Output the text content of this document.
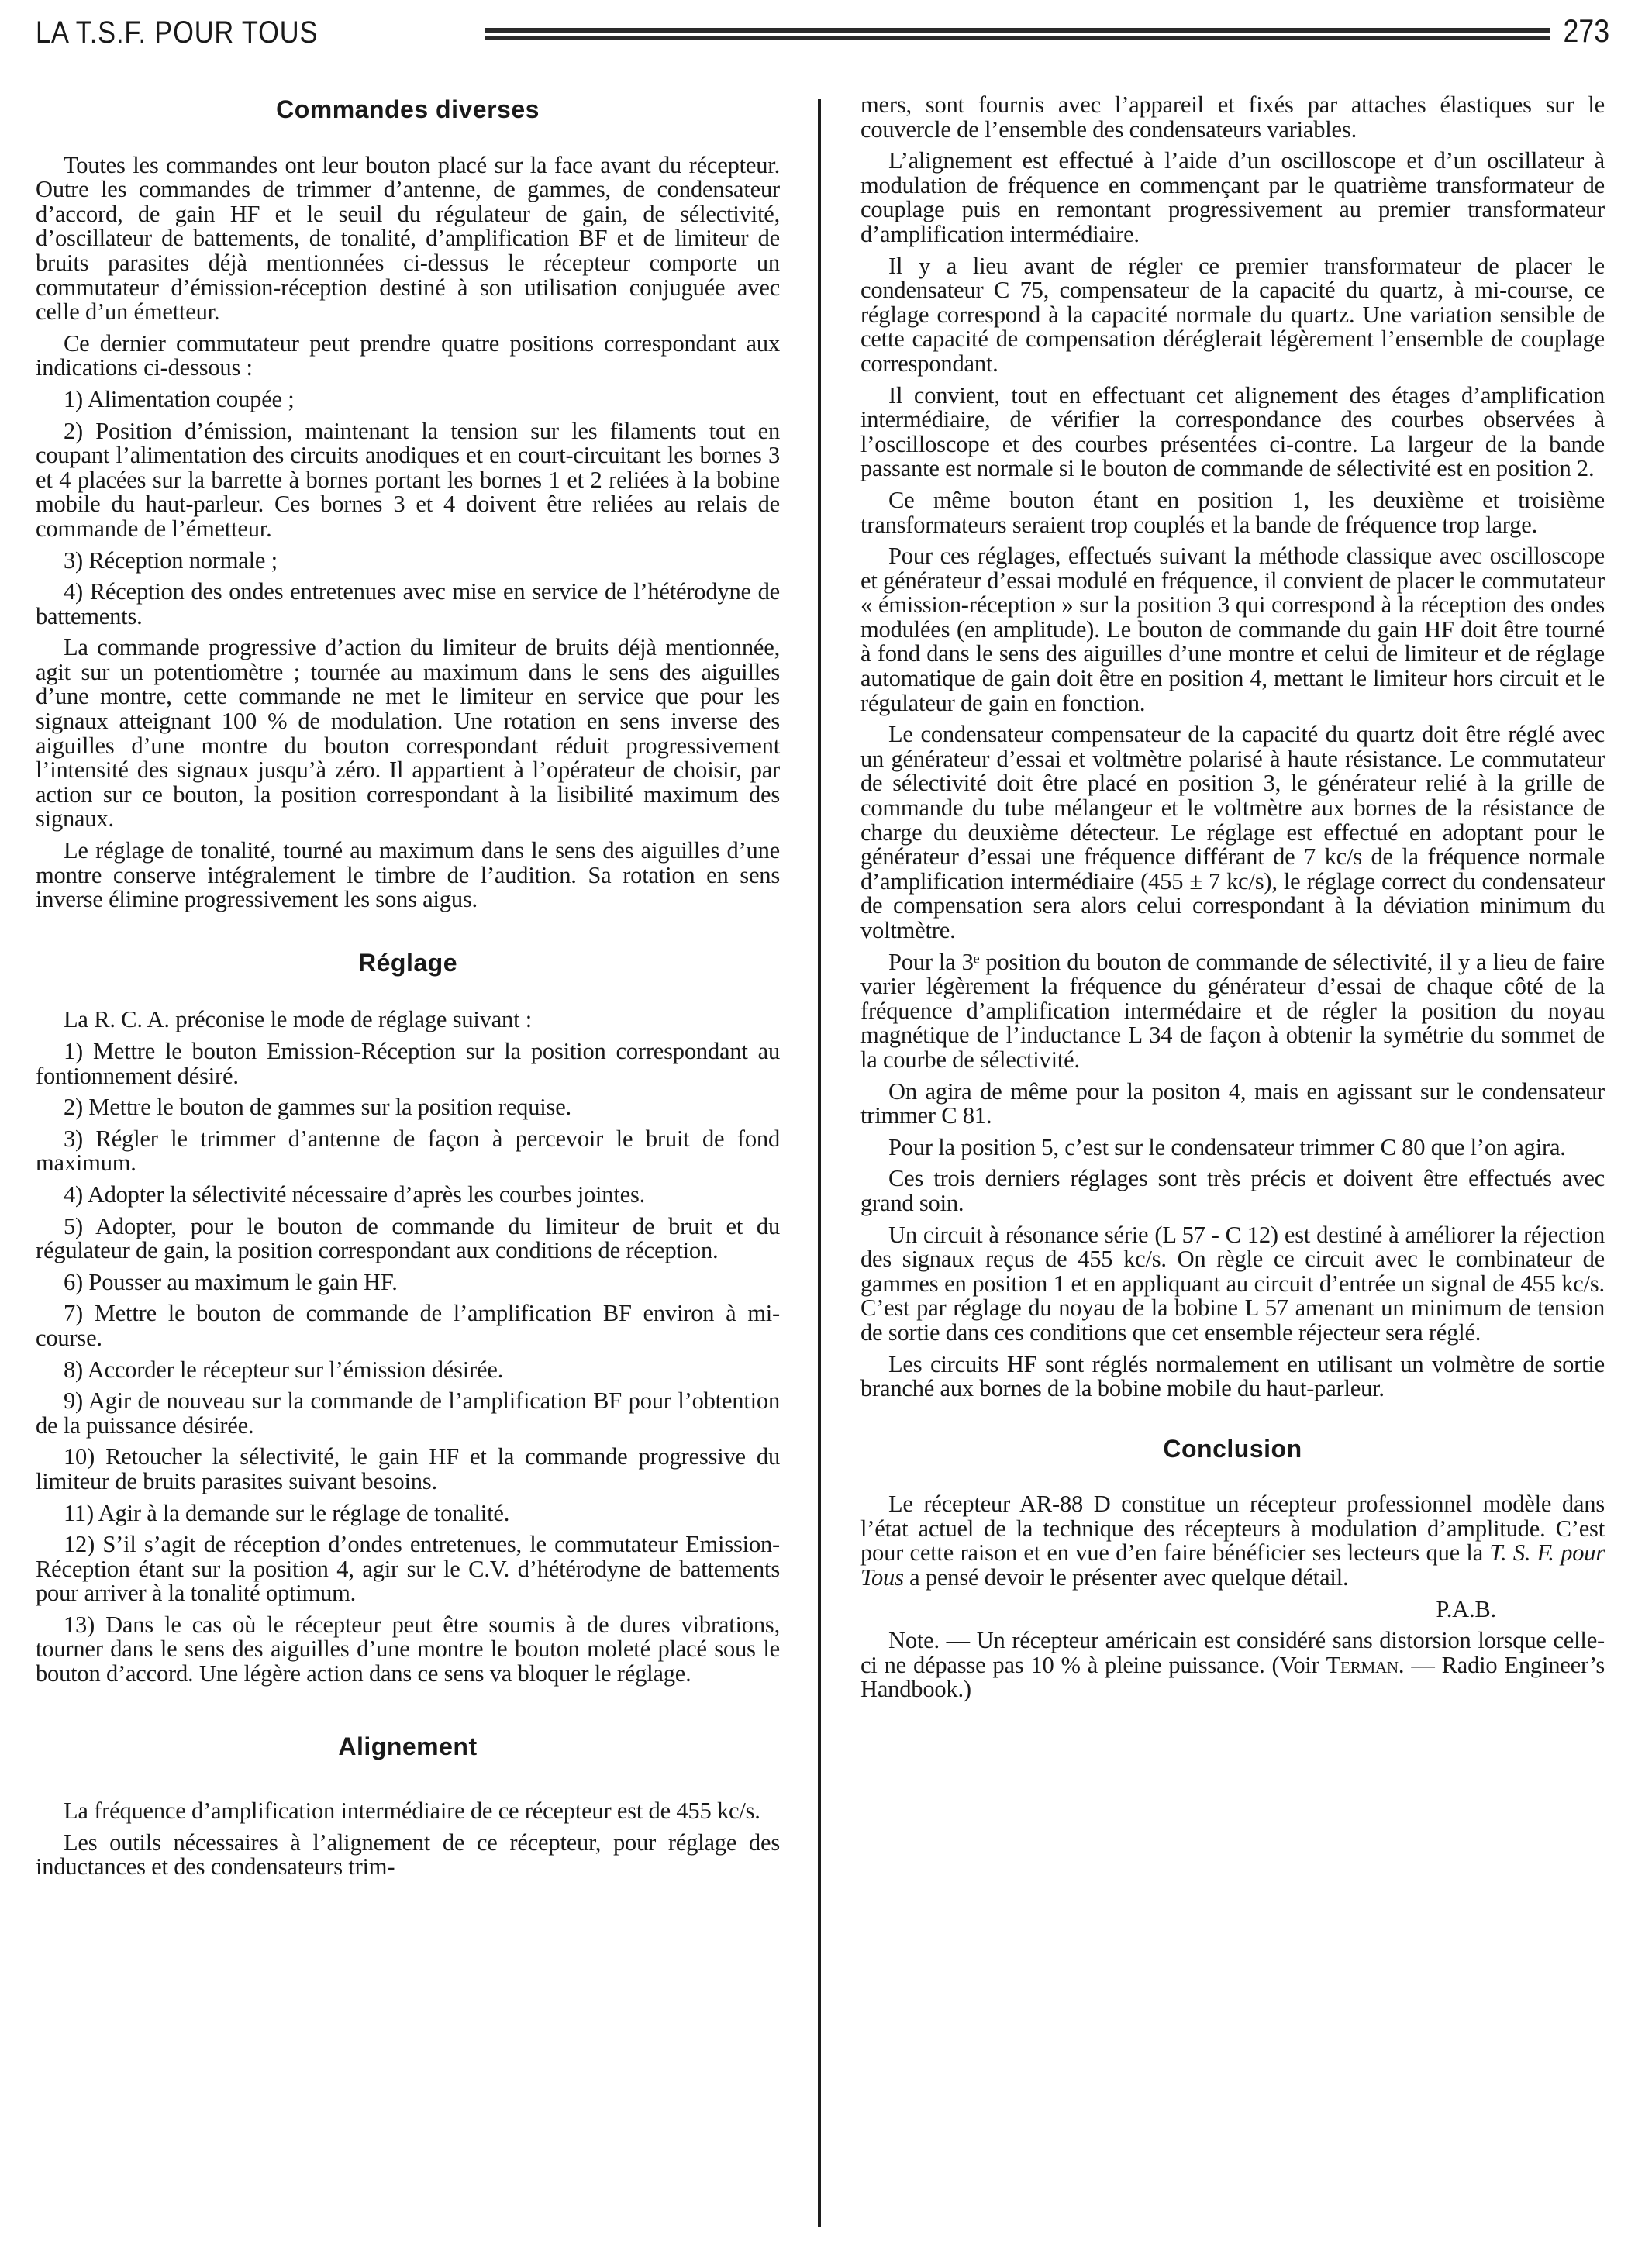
LA T.S.F. POUR TOUS	273
Commandes diverses

Toutes les commandes ont leur bouton placé sur la face avant du récepteur. Outre les commandes de trimmer d’antenne, de gammes, de condensateur d’accord, de gain HF et le seuil du régulateur de gain, de sélectivité, d’oscillateur de battements, de tonalité, d’amplification BF et de limiteur de bruits parasites déjà mentionnées ci-dessus le récepteur comporte un commutateur d’émission-réception destiné à son utilisation conjuguée avec celle d’un émetteur.

Ce dernier commutateur peut prendre quatre positions correspondant aux indications ci-dessous :

1) Alimentation coupée ;

2) Position d’émission, maintenant la tension sur les filaments tout en coupant l’alimentation des circuits anodiques et en court-circuitant les bornes 3 et 4 placées sur la barrette à bornes portant les bornes 1 et 2 reliées à la bobine mobile du haut-parleur. Ces bornes 3 et 4 doivent être reliées au relais de commande de l’émetteur.

3) Réception normale ;

4) Réception des ondes entretenues avec mise en service de l’hétérodyne de battements.

La commande progressive d’action du limiteur de bruits déjà mentionnée, agit sur un potentiomètre ; tournée au maximum dans le sens des aiguilles d’une montre, cette commande ne met le limiteur en service que pour les signaux atteignant 100 % de modulation. Une rotation en sens inverse des aiguilles d’une montre du bouton correspondant réduit progressivement l’intensité des signaux jusqu’à zéro. Il appartient à l’opérateur de choisir, par action sur ce bouton, la position correspondant à la lisibilité maximum des signaux.

Le réglage de tonalité, tourné au maximum dans le sens des aiguilles d’une montre conserve intégralement le timbre de l’audition. Sa rotation en sens inverse élimine progressivement les sons aigus.

Réglage

La R. C. A. préconise le mode de réglage suivant :

1) Mettre le bouton Emission-Réception sur la position correspondant au fontionnement désiré.

2) Mettre le bouton de gammes sur la position requise.

3) Régler le trimmer d’antenne de façon à percevoir le bruit de fond maximum.

4) Adopter la sélectivité nécessaire d’après les courbes jointes.

5) Adopter, pour le bouton de commande du limiteur de bruit et du régulateur de gain, la position correspondant aux conditions de réception.

6) Pousser au maximum le gain HF.

7) Mettre le bouton de commande de l’amplification BF environ à mi-course.

8) Accorder le récepteur sur l’émission désirée.

9) Agir de nouveau sur la commande de l’amplification BF pour l’obtention de la puissance désirée.

10) Retoucher la sélectivité, le gain HF et la commande progressive du limiteur de bruits parasites suivant besoins.

11) Agir à la demande sur le réglage de tonalité.

12) S’il s’agit de réception d’ondes entretenues, le commutateur Emission-Réception étant sur la position 4, agir sur le C.V. d’hétérodyne de battements pour arriver à la tonalité optimum.

13) Dans le cas où le récepteur peut être soumis à de dures vibrations, tourner dans le sens des aiguilles d’une montre le bouton moleté placé sous le bouton d’accord. Une légère action dans ce sens va bloquer le réglage.

Alignement

La fréquence d’amplification intermédiaire de ce récepteur est de 455 kc/s.

Les outils nécessaires à l’alignement de ce récepteur, pour réglage des inductances et des condensateurs trim-

mers, sont fournis avec l’appareil et fixés par attaches élastiques sur le couvercle de l’ensemble des condensateurs variables.

L’alignement est effectué à l’aide d’un oscilloscope et d’un oscillateur à modulation de fréquence en commençant par le quatrième transformateur de couplage puis en remontant progressivement au premier transformateur d’amplification intermédiaire.

Il y a lieu avant de régler ce premier transformateur de placer le condensateur C 75, compensateur de la capacité du quartz, à mi-course, ce réglage correspond à la capacité normale du quartz. Une variation sensible de cette capacité de compensation déréglerait légèrement l’ensemble de couplage correspondant.

Il convient, tout en effectuant cet alignement des étages d’amplification intermédiaire, de vérifier la correspondance des courbes observées à l’oscilloscope et des courbes présentées ci-contre. La largeur de la bande passante est normale si le bouton de commande de sélectivité est en position 2.

Ce même bouton étant en position 1, les deuxième et troisième transformateurs seraient trop couplés et la bande de fréquence trop large.

Pour ces réglages, effectués suivant la méthode classique avec oscilloscope et générateur d’essai modulé en fréquence, il convient de placer le commutateur « émission-réception » sur la position 3 qui correspond à la réception des ondes modulées (en amplitude). Le bouton de commande du gain HF doit être tourné à fond dans le sens des aiguilles d’une montre et celui de limiteur et de réglage automatique de gain doit être en position 4, mettant le limiteur hors circuit et le régulateur de gain en fonction.

Le condensateur compensateur de la capacité du quartz doit être réglé avec un générateur d’essai et voltmètre polarisé à haute résistance. Le commutateur de sélectivité doit être placé en position 3, le générateur relié à la grille de commande du tube mélangeur et le voltmètre aux bornes de la résistance de charge du deuxième détecteur. Le réglage est effectué en adoptant pour le générateur d’essai une fréquence différant de 7 kc/s de la fréquence normale d’amplification intermédiaire (455 ± 7 kc/s), le réglage correct du condensateur de compensation sera alors celui correspondant à la déviation minimum du voltmètre.

Pour la 3ᵉ position du bouton de commande de sélectivité, il y a lieu de faire varier légèrement la fréquence du générateur d’essai de chaque côté de la fréquence d’amplification intermédaire et de régler la position du noyau magnétique de l’inductance L 34 de façon à obtenir la symétrie du sommet de la courbe de sélectivité.

On agira de même pour la positon 4, mais en agissant sur le condensateur trimmer C 81.

Pour la position 5, c’est sur le condensateur trimmer C 80 que l’on agira.

Ces trois derniers réglages sont très précis et doivent être effectués avec grand soin.

Un circuit à résonance série (L 57 - C 12) est destiné à améliorer la réjection des signaux reçus de 455 kc/s. On règle ce circuit avec le combinateur de gammes en position 1 et en appliquant au circuit d’entrée un signal de 455 kc/s. C’est par réglage du noyau de la bobine L 57 amenant un minimum de tension de sortie dans ces conditions que cet ensemble réjecteur sera réglé.

Les circuits HF sont réglés normalement en utilisant un volmètre de sortie branché aux bornes de la bobine mobile du haut-parleur.

Conclusion

Le récepteur AR-88 D constitue un récepteur professionnel modèle dans l’état actuel de la technique des récepteurs à modulation d’amplitude. C’est pour cette raison et en vue d’en faire bénéficier ses lecteurs que la T. S. F. pour Tous a pensé devoir le présenter avec quelque détail.

P.A.B.

Note. — Un récepteur américain est considéré sans distorsion lorsque celle-ci ne dépasse pas 10 % à pleine puissance. (Voir Terman. — Radio Engineer’s Handbook.)
